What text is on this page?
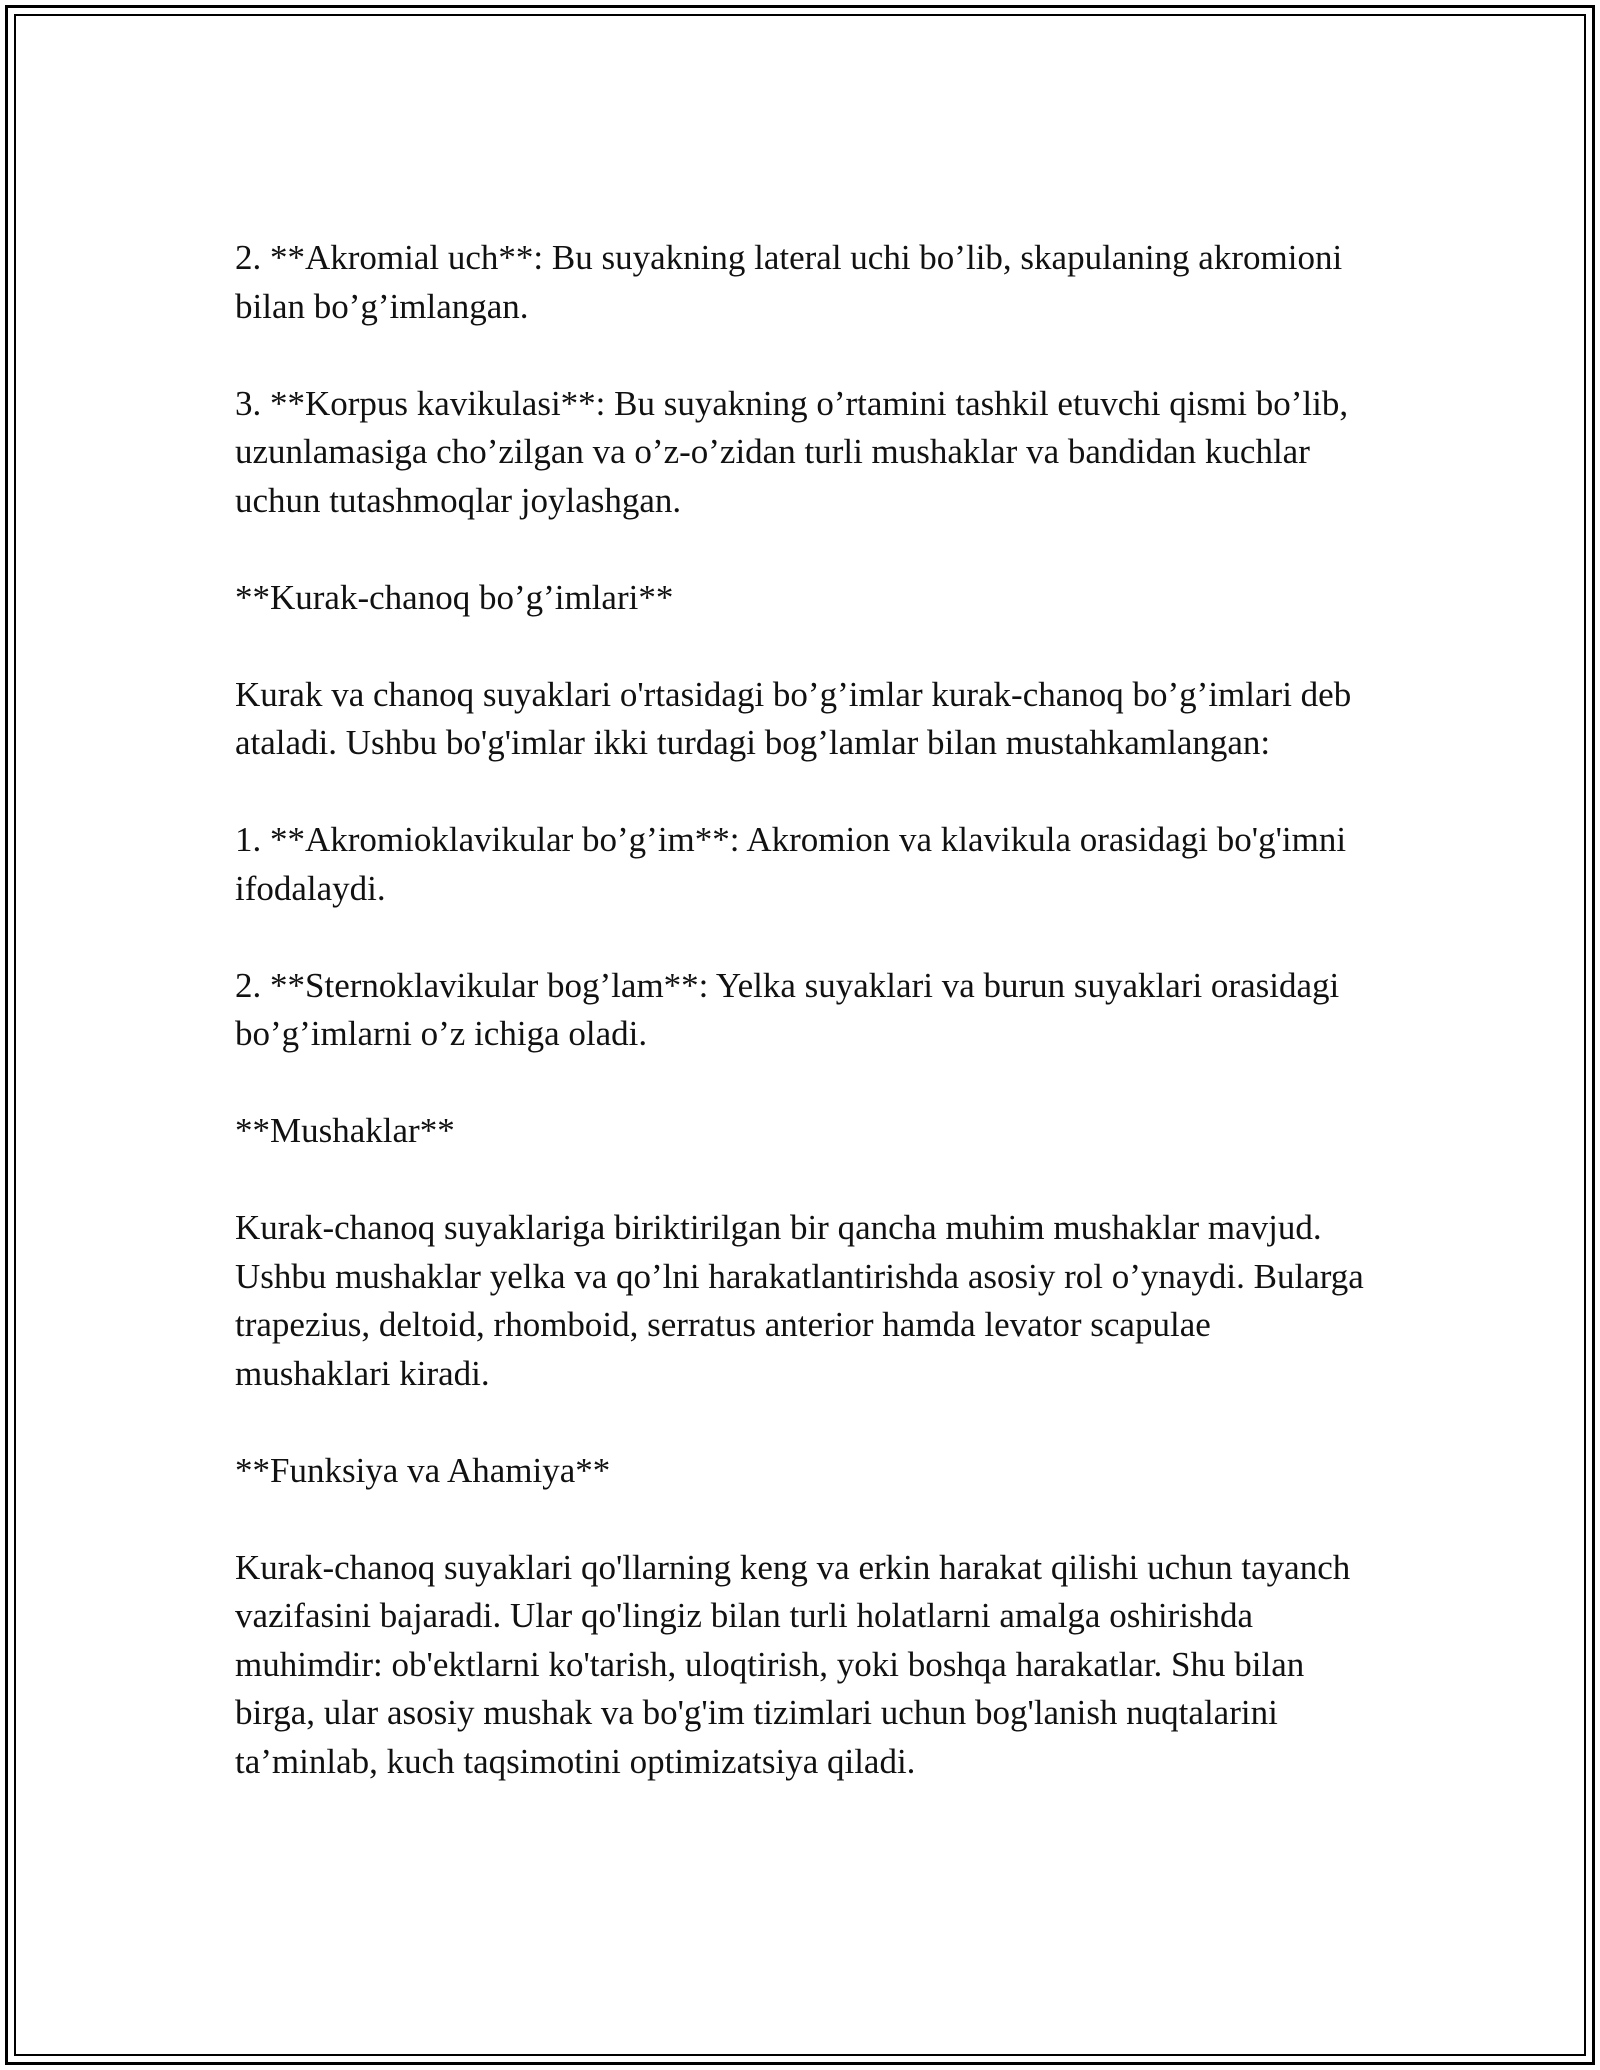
2. **Akromial uch**: Bu suyakning lateral uchi bo’lib, skapulaning akromioni bilan bo’g’imlangan.

3. **Korpus kavikulasi**: Bu suyakning o’rtamini tashkil etuvchi qismi bo’lib, uzunlamasiga cho’zilgan va o’z-o’zidan turli mushaklar va bandidan kuchlar uchun tutashmoqlar joylashgan.

**Kurak-chanoq bo’g’imlari**

Kurak va chanoq suyaklari o'rtasidagi bo’g’imlar kurak-chanoq bo’g’imlari deb ataladi. Ushbu bo'g'imlar ikki turdagi bog’lamlar bilan mustahkamlangan:

1. **Akromioklavikular bo’g’im**: Akromion va klavikula orasidagi bo'g'imni ifodalaydi.

2. **Sternoklavikular bog’lam**: Yelka suyaklari va burun suyaklari orasidagi bo’g’imlarni o’z ichiga oladi.

**Mushaklar**

Kurak-chanoq suyaklariga biriktirilgan bir qancha muhim mushaklar mavjud. Ushbu mushaklar yelka va qo’lni harakatlantirishda asosiy rol o’ynaydi. Bularga trapezius, deltoid, rhomboid, serratus anterior hamda levator scapulae mushaklari kiradi.

**Funksiya va Ahamiya**

Kurak-chanoq suyaklari qo'llarning keng va erkin harakat qilishi uchun tayanch vazifasini bajaradi. Ular qo'lingiz bilan turli holatlarni amalga oshirishda muhimdir: ob'ektlarni ko'tarish, uloqtirish, yoki boshqa harakatlar. Shu bilan birga, ular asosiy mushak va bo'g'im tizimlari uchun bog'lanish nuqtalarini ta’minlab, kuch taqsimotini optimizatsiya qiladi.
